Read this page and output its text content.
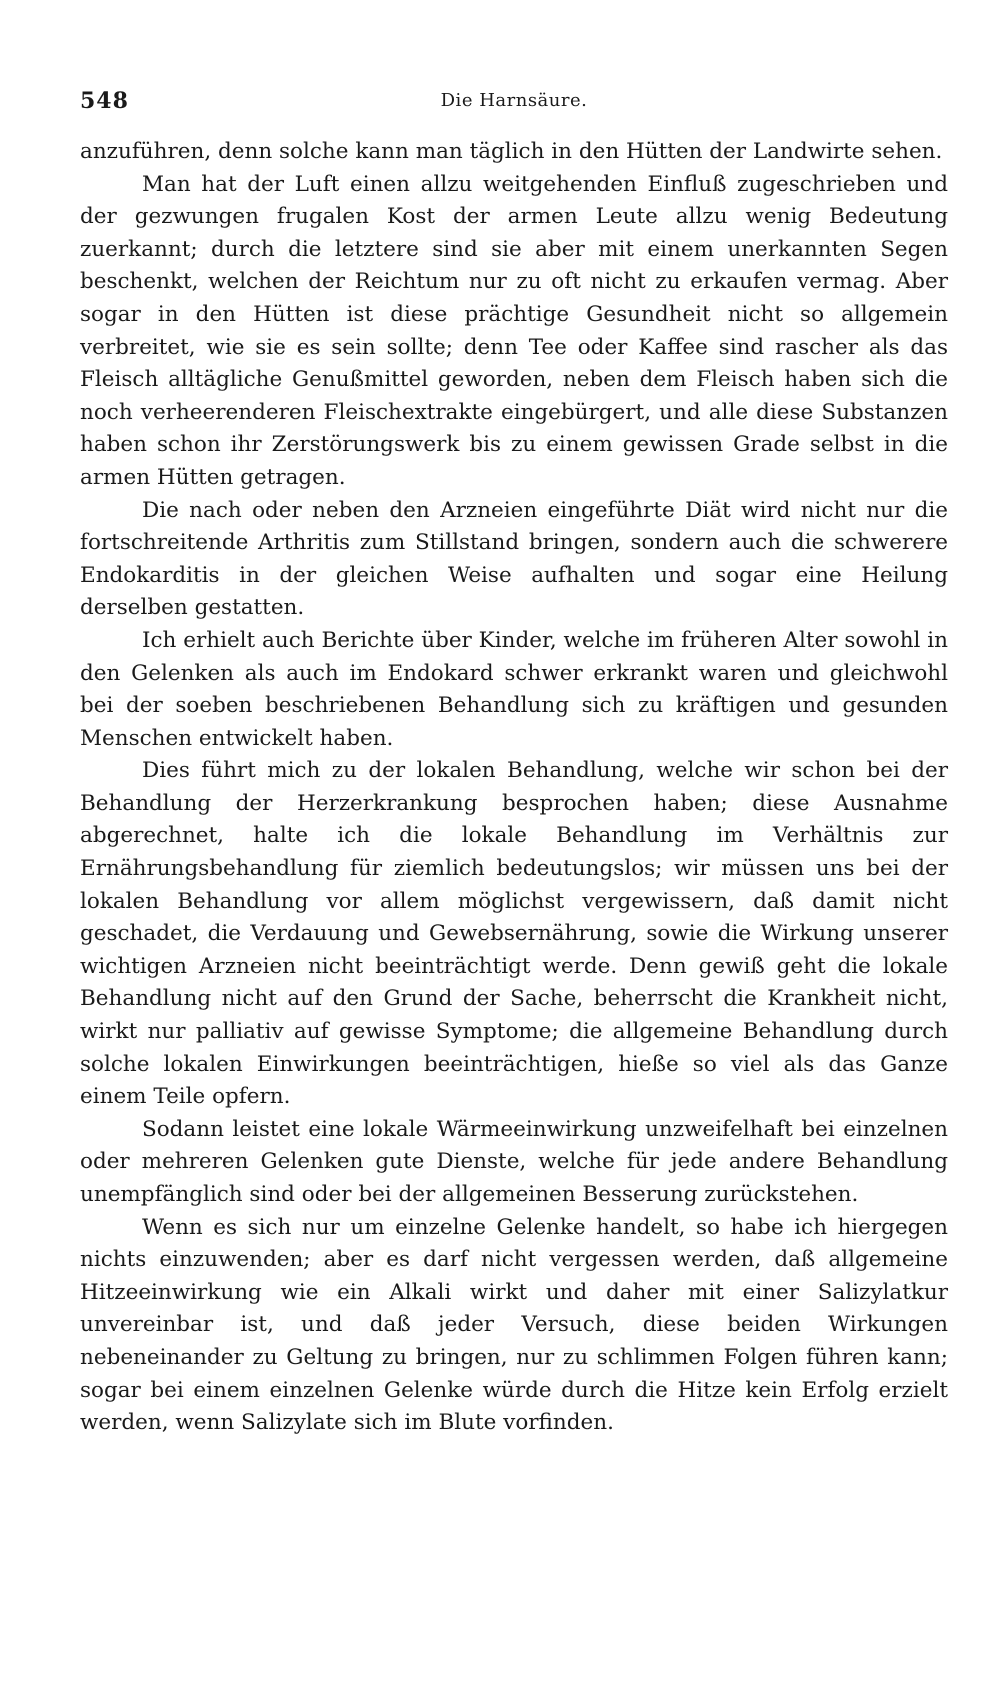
548	Die Harnsäure.

anzuführen, denn solche kann man täglich in den Hütten der Landwirte sehen.

Man hat der Luft einen allzu weitgehenden Einfluß zugeschrieben und der gezwungen frugalen Kost der armen Leute allzu wenig Bedeutung zuerkannt; durch die letztere sind sie aber mit einem unerkannten Segen beschenkt, welchen der Reichtum nur zu oft nicht zu erkaufen vermag. Aber sogar in den Hütten ist diese prächtige Gesundheit nicht so allgemein verbreitet, wie sie es sein sollte; denn Tee oder Kaffee sind rascher als das Fleisch alltägliche Genußmittel geworden, neben dem Fleisch haben sich die noch verheerenderen Fleischextrakte eingebürgert, und alle diese Substanzen haben schon ihr Zerstörungswerk bis zu einem gewissen Grade selbst in die armen Hütten getragen.

Die nach oder neben den Arzneien eingeführte Diät wird nicht nur die fortschreitende Arthritis zum Stillstand bringen, sondern auch die schwerere Endokarditis in der gleichen Weise aufhalten und sogar eine Heilung derselben gestatten.

Ich erhielt auch Berichte über Kinder, welche im früheren Alter sowohl in den Gelenken als auch im Endokard schwer erkrankt waren und gleichwohl bei der soeben beschriebenen Behandlung sich zu kräftigen und gesunden Menschen entwickelt haben.

Dies führt mich zu der lokalen Behandlung, welche wir schon bei der Behandlung der Herzerkrankung besprochen haben; diese Ausnahme abgerechnet, halte ich die lokale Behandlung im Verhältnis zur Ernährungsbehandlung für ziemlich bedeutungslos; wir müssen uns bei der lokalen Behandlung vor allem möglichst vergewissern, daß damit nicht geschadet, die Verdauung und Gewebsernährung, sowie die Wirkung unserer wichtigen Arzneien nicht beeinträchtigt werde. Denn gewiß geht die lokale Behandlung nicht auf den Grund der Sache, beherrscht die Krankheit nicht, wirkt nur palliativ auf gewisse Symptome; die allgemeine Behandlung durch solche lokalen Einwirkungen beeinträchtigen, hieße so viel als das Ganze einem Teile opfern.

Sodann leistet eine lokale Wärmeeinwirkung unzweifelhaft bei einzelnen oder mehreren Gelenken gute Dienste, welche für jede andere Behandlung unempfänglich sind oder bei der allgemeinen Besserung zurückstehen.

Wenn es sich nur um einzelne Gelenke handelt, so habe ich hiergegen nichts einzuwenden; aber es darf nicht vergessen werden, daß allgemeine Hitzeeinwirkung wie ein Alkali wirkt und daher mit einer Salizylatkur unvereinbar ist, und daß jeder Versuch, diese beiden Wirkungen nebeneinander zu Geltung zu bringen, nur zu schlimmen Folgen führen kann; sogar bei einem einzelnen Gelenke würde durch die Hitze kein Erfolg erzielt werden, wenn Salizylate sich im Blute vorfinden.
